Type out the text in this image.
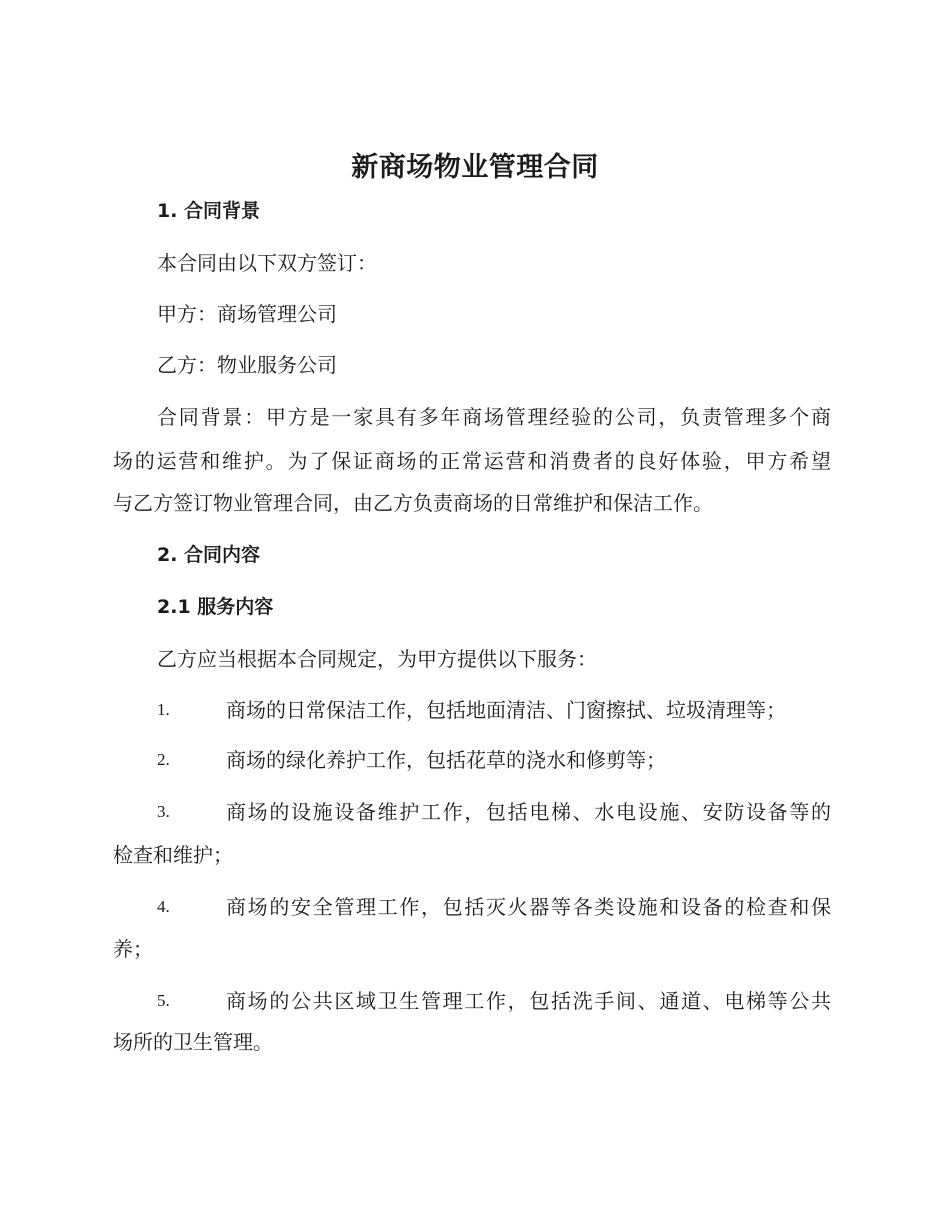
新商场物业管理合同
1. 合同背景
本合同由以下双方签订：
甲方：商场管理公司
乙方：物业服务公司
合同背景：甲方是一家具有多年商场管理经验的公司，负责管理多个商
场的运营和维护。为了保证商场的正常运营和消费者的良好体验，甲方希望
与乙方签订物业管理合同，由乙方负责商场的日常维护和保洁工作。
2. 合同内容
2.1 服务内容
乙方应当根据本合同规定，为甲方提供以下服务：
1.	商场的日常保洁工作，包括地面清洁、门窗擦拭、垃圾清理等；
2.	商场的绿化养护工作，包括花草的浇水和修剪等；
3.	商场的设施设备维护工作，包括电梯、水电设施、安防设备等的
检查和维护；
4.	商场的安全管理工作，包括灭火器等各类设施和设备的检查和保
养；
5.	商场的公共区域卫生管理工作，包括洗手间、通道、电梯等公共
场所的卫生管理。
